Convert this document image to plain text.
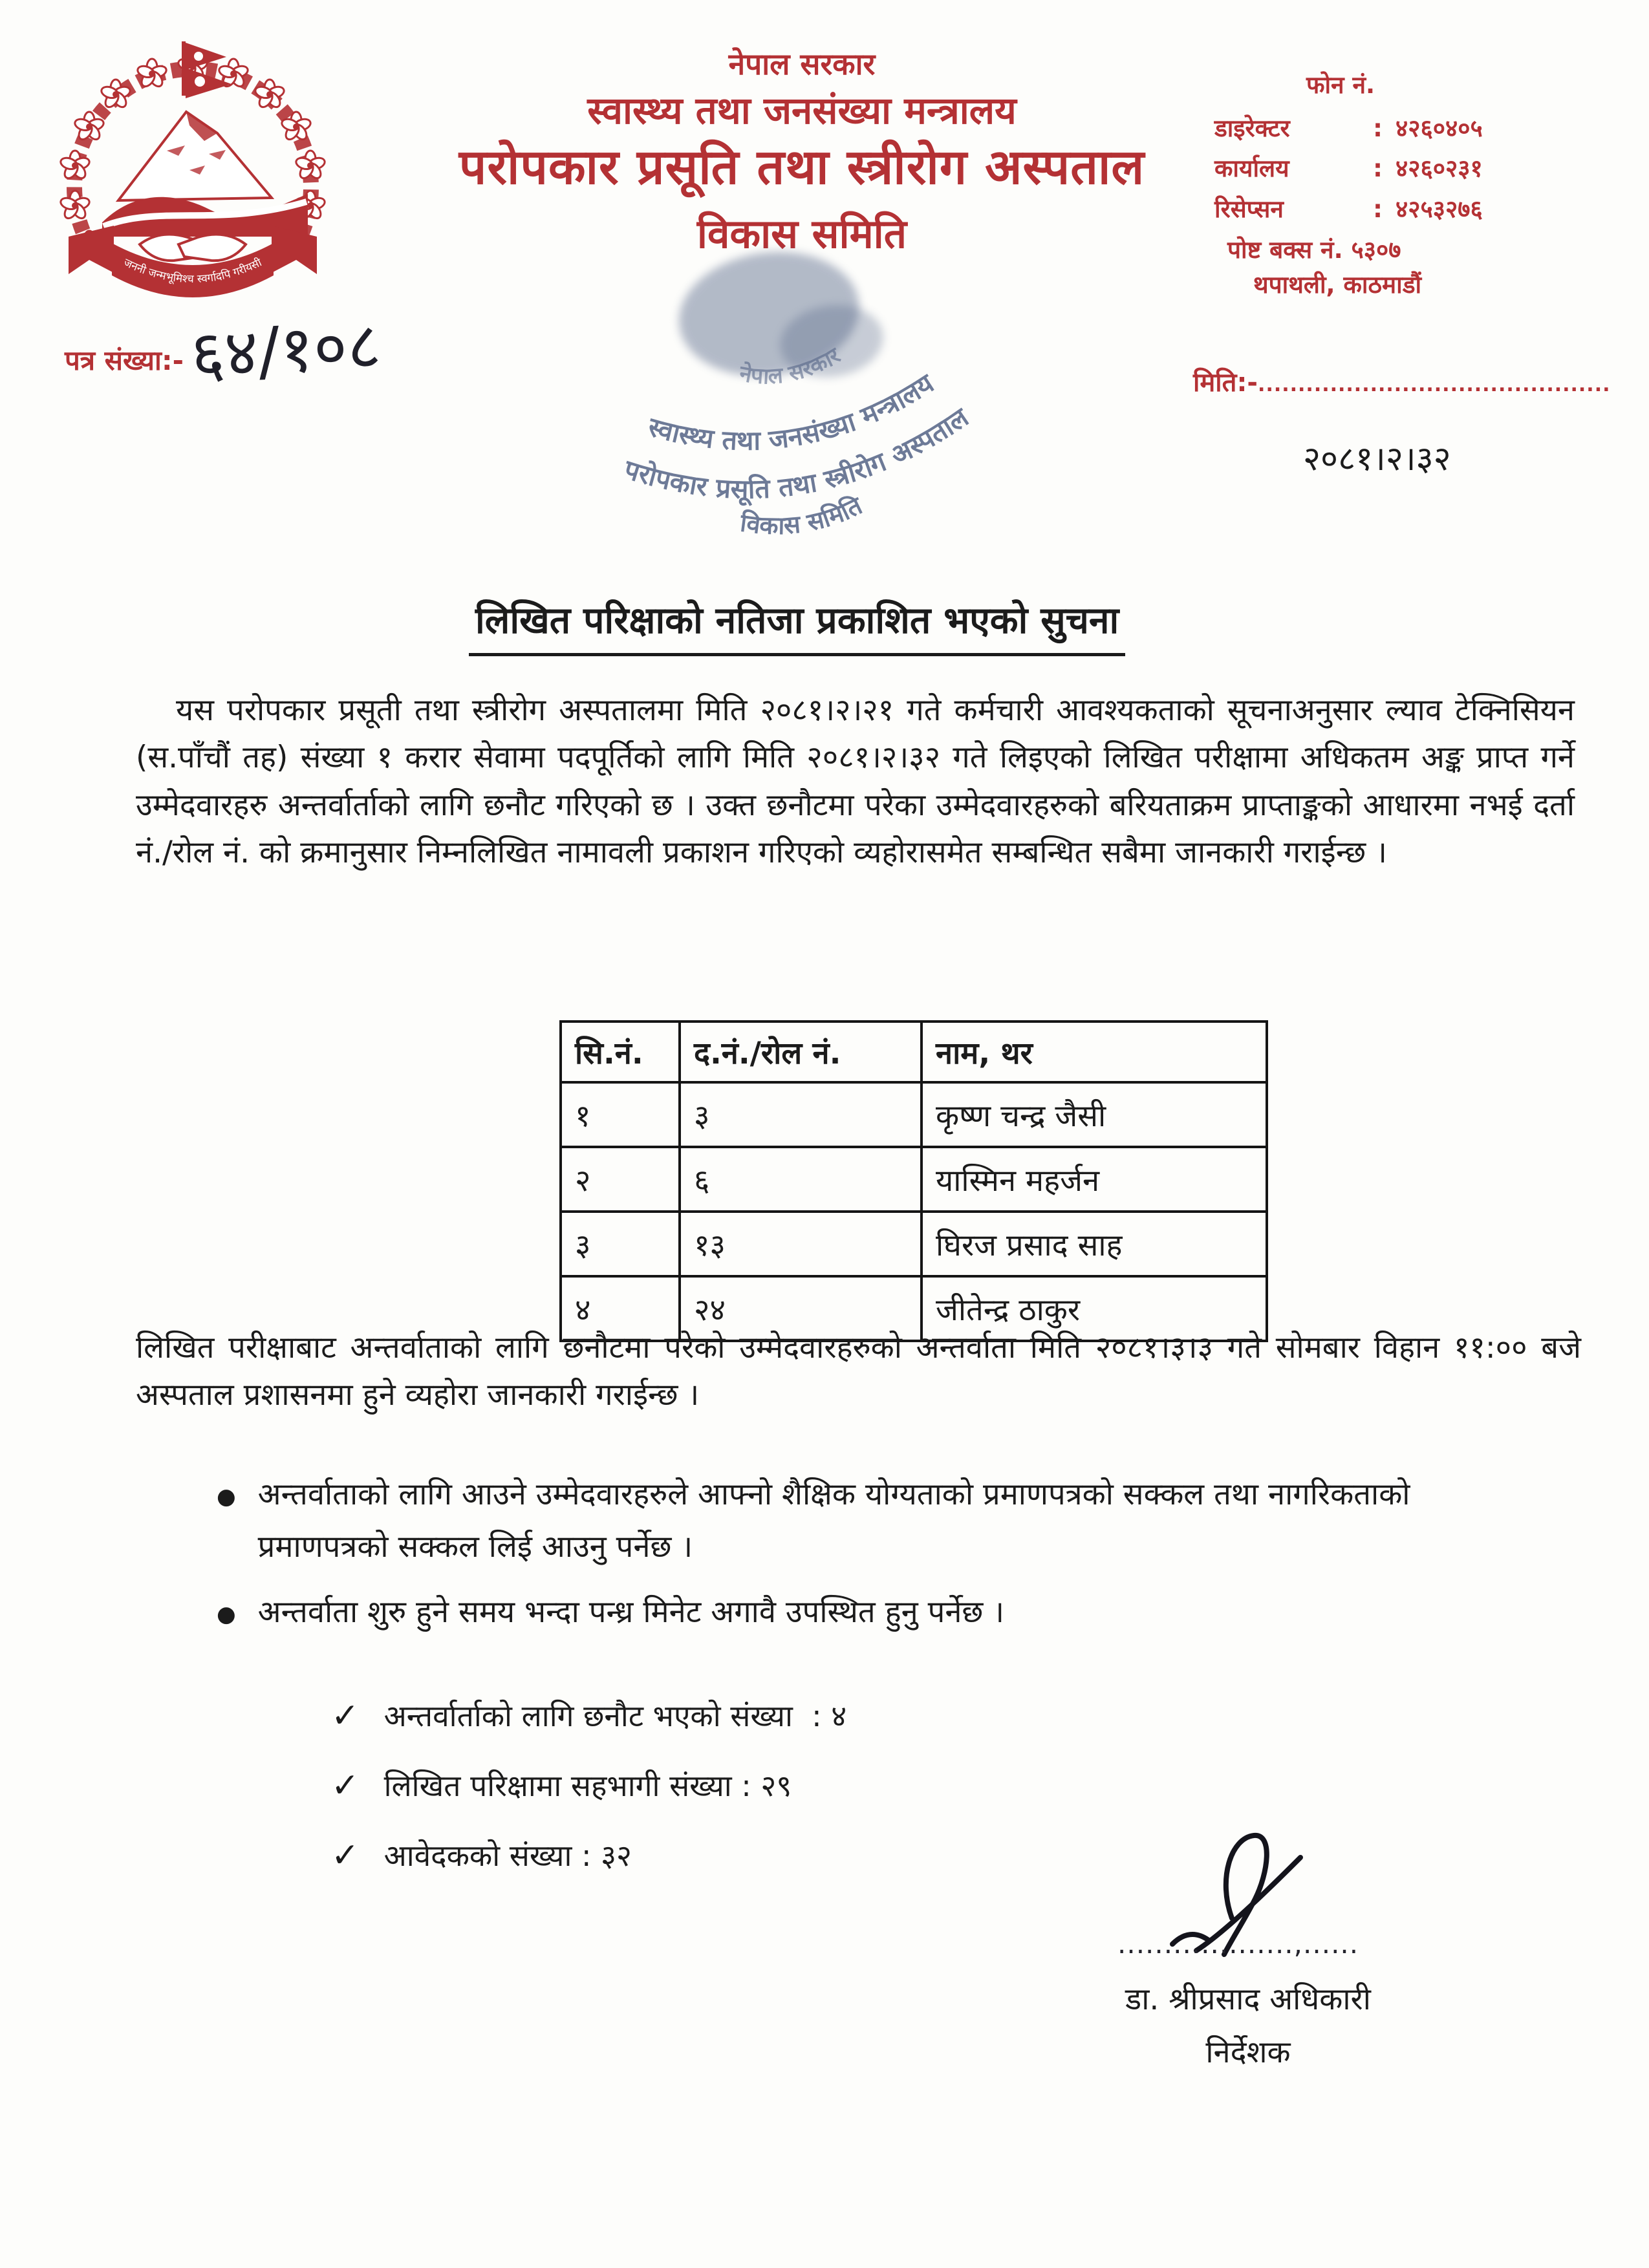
जननी जन्मभूमिश्च स्वर्गादपि गरीयसी
नेपाल सरकार
स्वास्थ्य तथा जनसंख्या मन्त्रालय
परोपकार प्रसूति तथा स्त्रीरोग अस्पताल
विकास समिति
फोन नं.
डाइरेक्टर	: ४२६०४०५
कार्यालय	: ४२६०२३१
रिसेप्सन	: ४२५३२७६
पोष्ट बक्स नं. ५३०७
थपाथली, काठमाडौं
नेपाल सरकार
स्वास्थ्य तथा जनसंख्या मन्त्रालय
परोपकार प्रसूति तथा स्त्रीरोग अस्पताल
विकास समिति
पत्र संख्या:- ६४/१०८	मिति:-............................................
२०८१।२।३२
लिखित परिक्षाको नतिजा प्रकाशित भएको सुचना
यस परोपकार प्रसूती तथा स्त्रीरोग अस्पतालमा मिति २०८१।२।२१ गते कर्मचारी आवश्यकताको सूचनाअनुसार ल्याव टेक्निसियन (स.पाँचौं तह) संख्या १ करार सेवामा पदपूर्तिको लागि मिति २०८१।२।३२ गते लिइएको लिखित परीक्षामा अधिकतम अङ्क प्राप्त गर्ने उम्मेदवारहरु अन्तर्वार्ताको लागि छनौट गरिएको छ । उक्त छनौटमा परेका उम्मेदवारहरुको बरियताक्रम प्राप्ताङ्कको आधारमा नभई दर्ता नं./रोल नं. को क्रमानुसार निम्नलिखित नामावली प्रकाशन गरिएको व्यहोरासमेत सम्बन्धित सबैमा जानकारी गराईन्छ ।
सि.नं.	द.नं./रोल नं.	नाम, थर
१	३	कृष्ण चन्द्र जैसी
२	६	यास्मिन महर्जन
३	१३	घिरज प्रसाद साह
४	२४	जीतेन्द्र ठाकुर
लिखित परीक्षाबाट अन्तर्वाताको लागि छनौटमा परेको उम्मेदवारहरुको अन्तर्वाता मिति २०८१।३।३ गते सोमबार विहान ११:०० बजे अस्पताल प्रशासनमा हुने व्यहोरा जानकारी गराईन्छ ।
● अन्तर्वाताको लागि आउने उम्मेदवारहरुले आफ्नो शैक्षिक योग्यताको प्रमाणपत्रको सक्कल तथा नागरिकताको प्रमाणपत्रको सक्कल लिई आउनु पर्नेछ ।
● अन्तर्वाता शुरु हुने समय भन्दा पन्ध्र मिनेट अगावै उपस्थित हुनु पर्नेछ ।
✓ अन्तर्वार्ताको लागि छनौट भएको संख्या  : ४
✓ लिखित परिक्षामा सहभागी संख्या : २९
✓ आवेदकको संख्या : ३२
...................,......
डा. श्रीप्रसाद अधिकारी
निर्देशक
